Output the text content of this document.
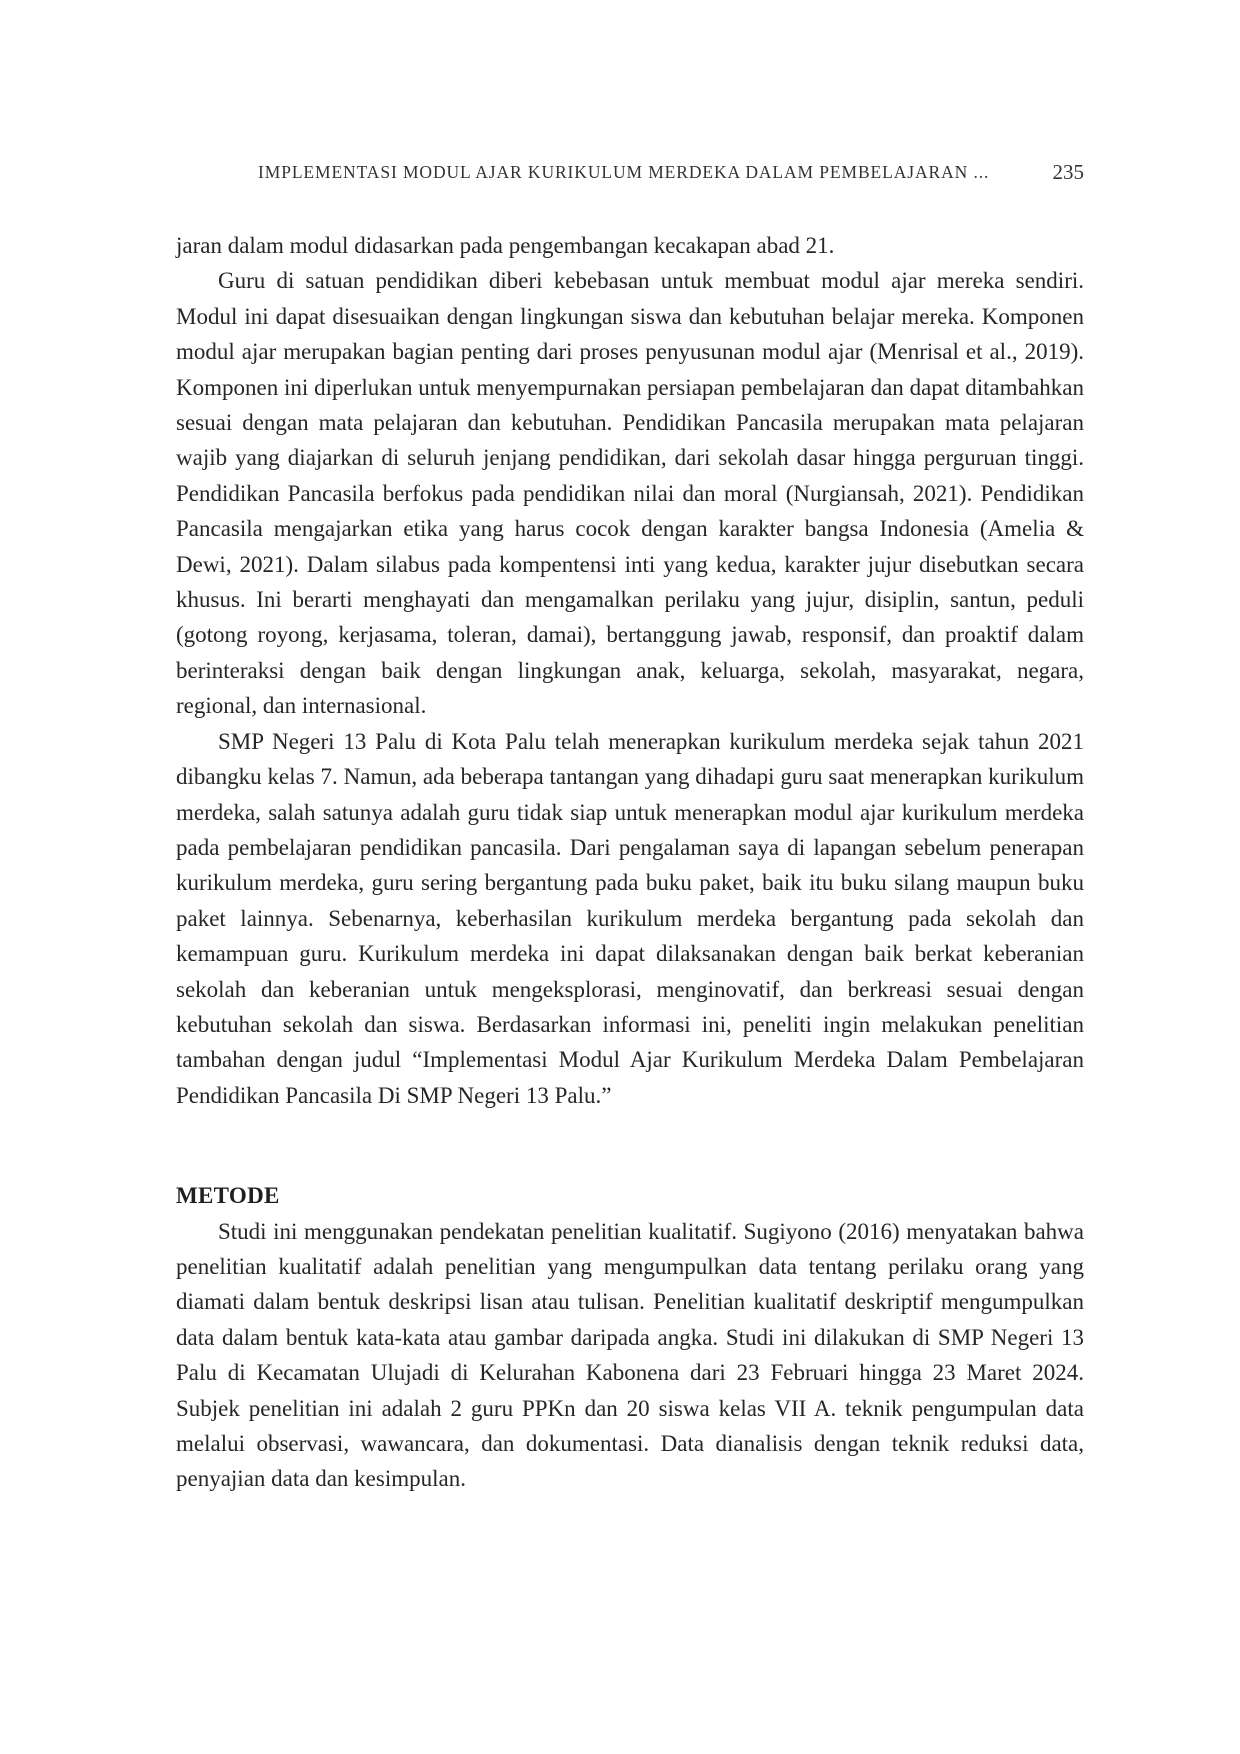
IMPLEMENTASI MODUL AJAR KURIKULUM MERDEKA DALAM PEMBELAJARAN ...	235

jaran dalam modul didasarkan pada pengembangan kecakapan abad 21.

Guru di satuan pendidikan diberi kebebasan untuk membuat modul ajar mereka sendiri. Modul ini dapat disesuaikan dengan lingkungan siswa dan kebutuhan belajar mereka. Komponen modul ajar merupakan bagian penting dari proses penyusunan modul ajar (Menrisal et al., 2019). Komponen ini diperlukan untuk menyempurnakan persiapan pembelajaran dan dapat ditambahkan sesuai dengan mata pelajaran dan kebutuhan. Pendidikan Pancasila merupakan mata pelajaran wajib yang diajarkan di seluruh jenjang pendidikan, dari sekolah dasar hingga perguruan tinggi. Pendidikan Pancasila berfokus pada pendidikan nilai dan moral (Nurgiansah, 2021). Pendidikan Pancasila mengajarkan etika yang harus cocok dengan karakter bangsa Indonesia (Amelia & Dewi, 2021). Dalam silabus pada kompentensi inti yang kedua, karakter jujur disebutkan secara khusus. Ini berarti menghayati dan mengamalkan perilaku yang jujur, disiplin, santun, peduli (gotong royong, kerjasama, toleran, damai), bertanggung jawab, responsif, dan proaktif dalam berinteraksi dengan baik dengan lingkungan anak, keluarga, sekolah, masyarakat, negara, regional, dan internasional.

SMP Negeri 13 Palu di Kota Palu telah menerapkan kurikulum merdeka sejak tahun 2021 dibangku kelas 7. Namun, ada beberapa tantangan yang dihadapi guru saat menerapkan kurikulum merdeka, salah satunya adalah guru tidak siap untuk menerapkan modul ajar kurikulum merdeka pada pembelajaran pendidikan pancasila. Dari pengalaman saya di lapangan sebelum penerapan kurikulum merdeka, guru sering bergantung pada buku paket, baik itu buku silang maupun buku paket lainnya. Sebenarnya, keberhasilan kurikulum merdeka bergantung pada sekolah dan kemampuan guru. Kurikulum merdeka ini dapat dilaksanakan dengan baik berkat keberanian sekolah dan keberanian untuk mengeksplorasi, menginovatif, dan berkreasi sesuai dengan kebutuhan sekolah dan siswa. Berdasarkan informasi ini, peneliti ingin melakukan penelitian tambahan dengan judul “Implementasi Modul Ajar Kurikulum Merdeka Dalam Pembelajaran Pendidikan Pancasila Di SMP Negeri 13 Palu.”

METODE

Studi ini menggunakan pendekatan penelitian kualitatif. Sugiyono (2016) menyatakan bahwa penelitian kualitatif adalah penelitian yang mengumpulkan data tentang perilaku orang yang diamati dalam bentuk deskripsi lisan atau tulisan. Penelitian kualitatif deskriptif mengumpulkan data dalam bentuk kata-kata atau gambar daripada angka. Studi ini dilakukan di SMP Negeri 13 Palu di Kecamatan Ulujadi di Kelurahan Kabonena dari 23 Februari hingga 23 Maret 2024. Subjek penelitian ini adalah 2 guru PPKn dan 20 siswa kelas VII A. teknik pengumpulan data melalui observasi, wawancara, dan dokumentasi. Data dianalisis dengan teknik reduksi data, penyajian data dan kesimpulan.
